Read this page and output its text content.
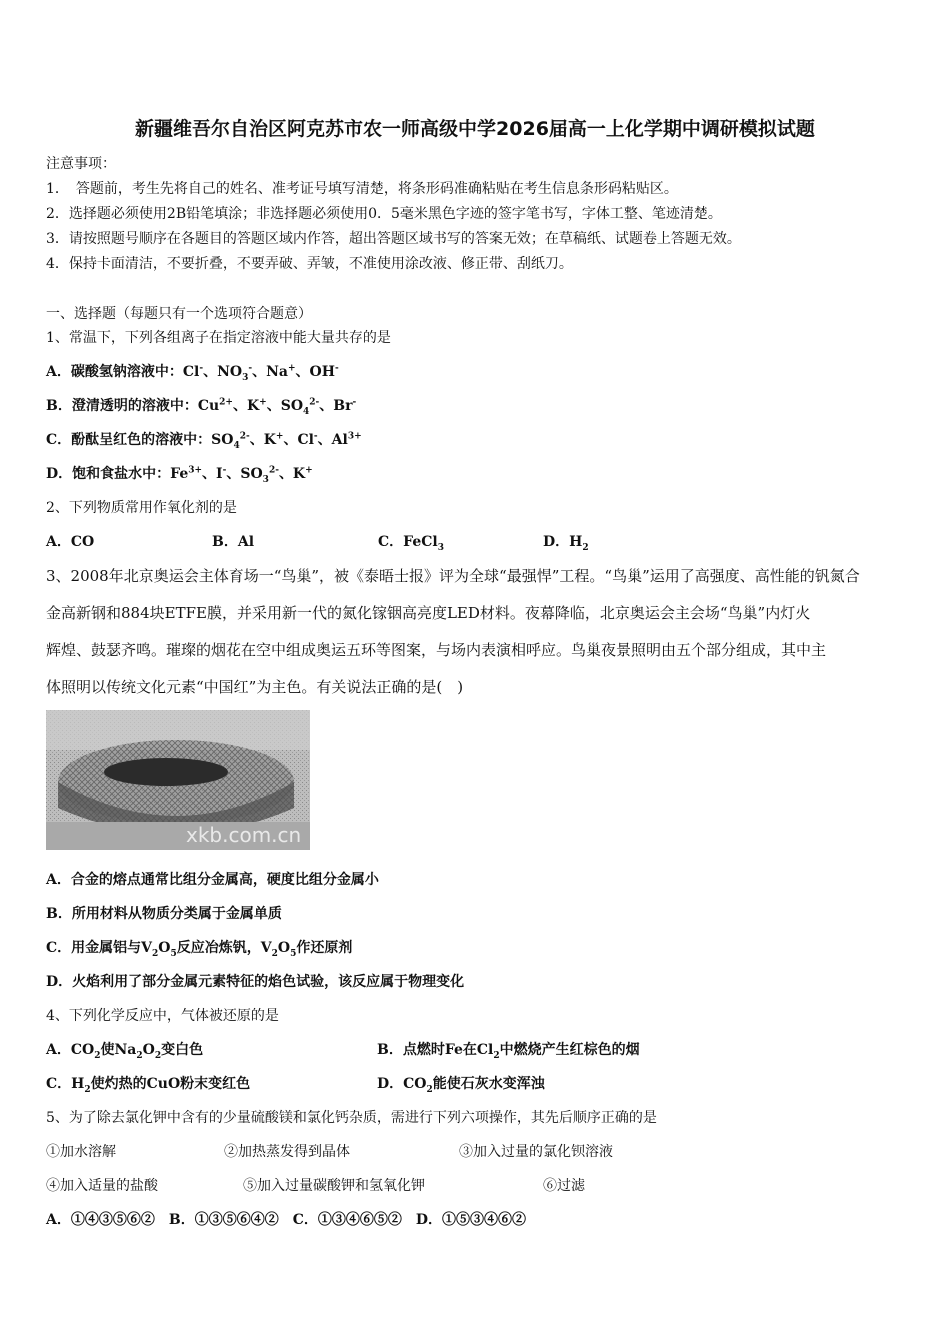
新疆维吾尔自治区阿克苏市农一师高级中学2026届高一上化学期中调研模拟试题
注意事项：
1．　答题前，考生先将自己的姓名、准考证号填写清楚，将条形码准确粘贴在考生信息条形码粘贴区。
2．选择题必须使用2B铅笔填涂；非选择题必须使用0．5毫米黑色字迹的签字笔书写，字体工整、笔迹清楚。
3．请按照题号顺序在各题目的答题区域内作答，超出答题区域书写的答案无效；在草稿纸、试题卷上答题无效。
4．保持卡面清洁，不要折叠，不要弄破、弄皱，不准使用涂改液、修正带、刮纸刀。
一、选择题（每题只有一个选项符合题意）
1、常温下，下列各组离子在指定溶液中能大量共存的是
A．碳酸氢钠溶液中：Cl-、$NO_3^-$、Na+、OH-
B．澄清透明的溶液中：$Cu^{2+}$、K+、$SO_4^{2-}$、Br-
C．酚酞呈红色的溶液中：$SO_4^{2-}$、K+、Cl-、$Al^{3+}$
D．饱和食盐水中：$Fe^{3+}$、I-、$SO_3^{2-}$、K+
2、下列物质常用作氧化剂的是
A．CO	B．Al	C．FeCl$_3$	D．$H_2$
3、2008年北京奥运会主体育场一“鸟巢”，被《泰晤士报》评为全球“最强悍”工程。“鸟巢”运用了高强度、高性能的钒氮合
金高新钢和884块ETFE膜，并采用新一代的氮化镓铟高亮度LED材料。夜幕降临，北京奥运会主会场“鸟巢”内灯火
辉煌、鼓瑟齐鸣。璀璨的烟花在空中组成奥运五环等图案，与场内表演相呼应。鸟巢夜景照明由五个部分组成，其中主
体照明以传统文化元素“中国红”为主色。有关说法正确的是(　)
xkb.com.cn
A．合金的熔点通常比组分金属高，硬度比组分金属小
B．所用材料从物质分类属于金属单质
C．用金属铝与$V_2O_5$反应冶炼钒，$V_2O_5$作还原剂
D．火焰利用了部分金属元素特征的焰色试验，该反应属于物理变化
4、下列化学反应中，气体被还原的是
A．$CO_2$使$Na_2O_2$变白色	B．点燃时Fe在$Cl_2$中燃烧产生红棕色的烟
C．$H_2$使灼热的CuO粉末变红色	D．$CO_2$能使石灰水变浑浊
5、为了除去氯化钾中含有的少量硫酸镁和氯化钙杂质，需进行下列六项操作，其先后顺序正确的是
①加水溶解	②加热蒸发得到晶体	③加入过量的氯化钡溶液
④加入适量的盐酸	⑤加入过量碳酸钾和氢氧化钾	⑥过滤
A．①④③⑤⑥②　B．①③⑤⑥④②　C．①③④⑥⑤②　D．①⑤③④⑥②
